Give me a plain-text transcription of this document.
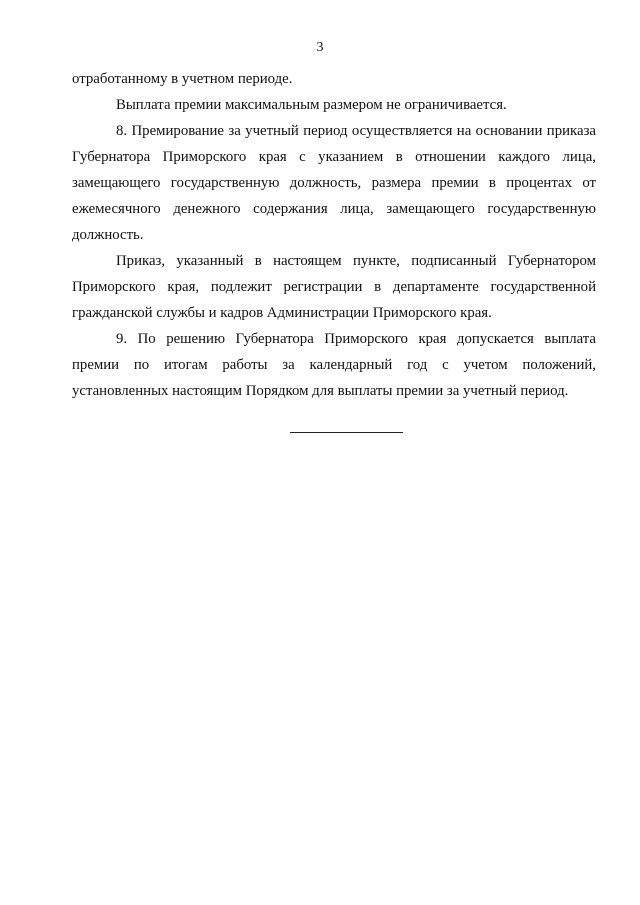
3

отработанному в учетном периоде.

Выплата премии максимальным размером не ограничивается.

8. Премирование за учетный период осуществляется на основании приказа Губернатора Приморского края с указанием в отношении каждого лица, замещающего государственную должность, размера премии в процентах от ежемесячного денежного содержания лица, замещающего государственную должность.

Приказ, указанный в настоящем пункте, подписанный Губернатором Приморского края, подлежит регистрации в департаменте государственной гражданской службы и кадров Администрации Приморского края.

9. По решению Губернатора Приморского края допускается выплата премии по итогам работы за календарный год с учетом положений, установленных настоящим Порядком для выплаты премии за учетный период.
